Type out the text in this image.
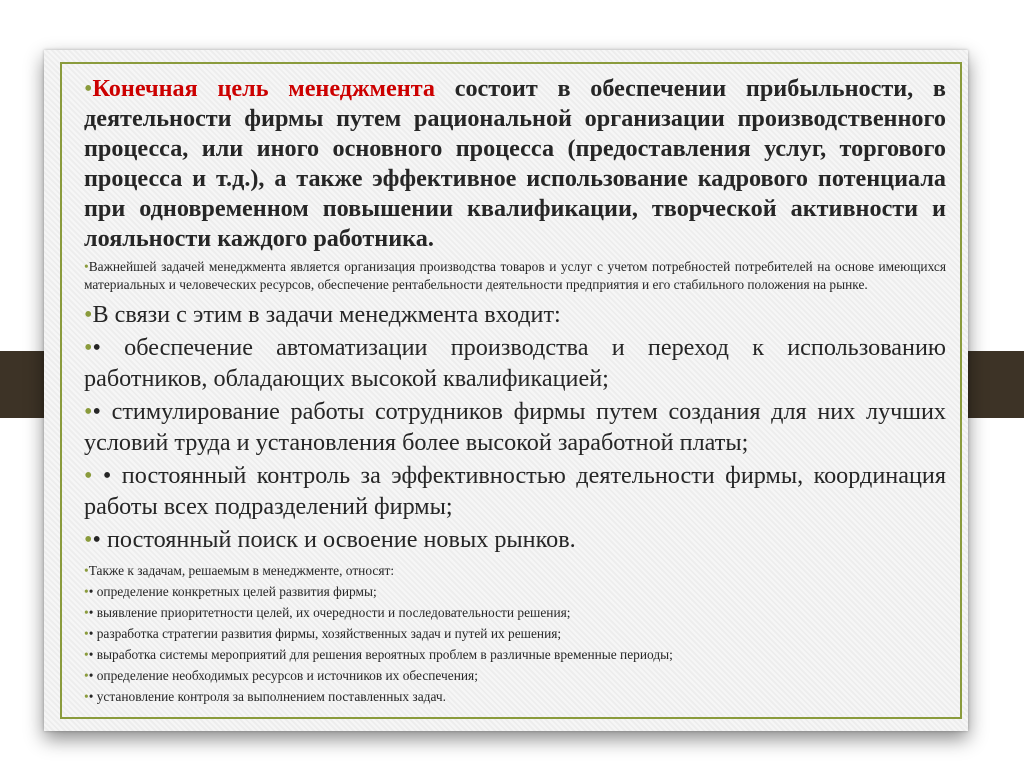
•Конечная цель менеджмента состоит в обеспечении прибыльности, в деятельности фирмы путем рациональной организации производственного процесса, или иного основного процесса (предоставления услуг, торгового процесса и т.д.), а также эффективное использование кадрового потенциала при одновременном повышении квалификации, творческой активности и лояльности каждого работника.

•Важнейшей задачей менеджмента является организация производства товаров и услуг с учетом потребностей потребителей на основе имеющихся материальных и человеческих ресурсов, обеспечение рентабельности деятельности предприятия и его стабильного положения на рынке.

•В связи с этим в задачи менеджмента входит:

•• обеспечение автоматизации производства и переход к использованию работников, обладающих высокой квалификацией;

•• стимулирование работы сотрудников фирмы путем создания для них лучших условий труда и установления более высокой заработной платы;

• • постоянный контроль за эффективностью деятельности фирмы, координация работы всех подразделений фирмы;

•• постоянный поиск и освоение новых рынков.

•Также к задачам, решаемым в менеджменте, относят:

•• определение конкретных целей развития фирмы;

•• выявление приоритетности целей, их очередности и последовательности решения;

•• разработка стратегии развития фирмы, хозяйственных задач и путей их решения;

•• выработка системы мероприятий для решения вероятных проблем в различные временные периоды;

•• определение необходимых ресурсов и источников их обеспечения;

•• установление контроля за выполнением поставленных задач.
